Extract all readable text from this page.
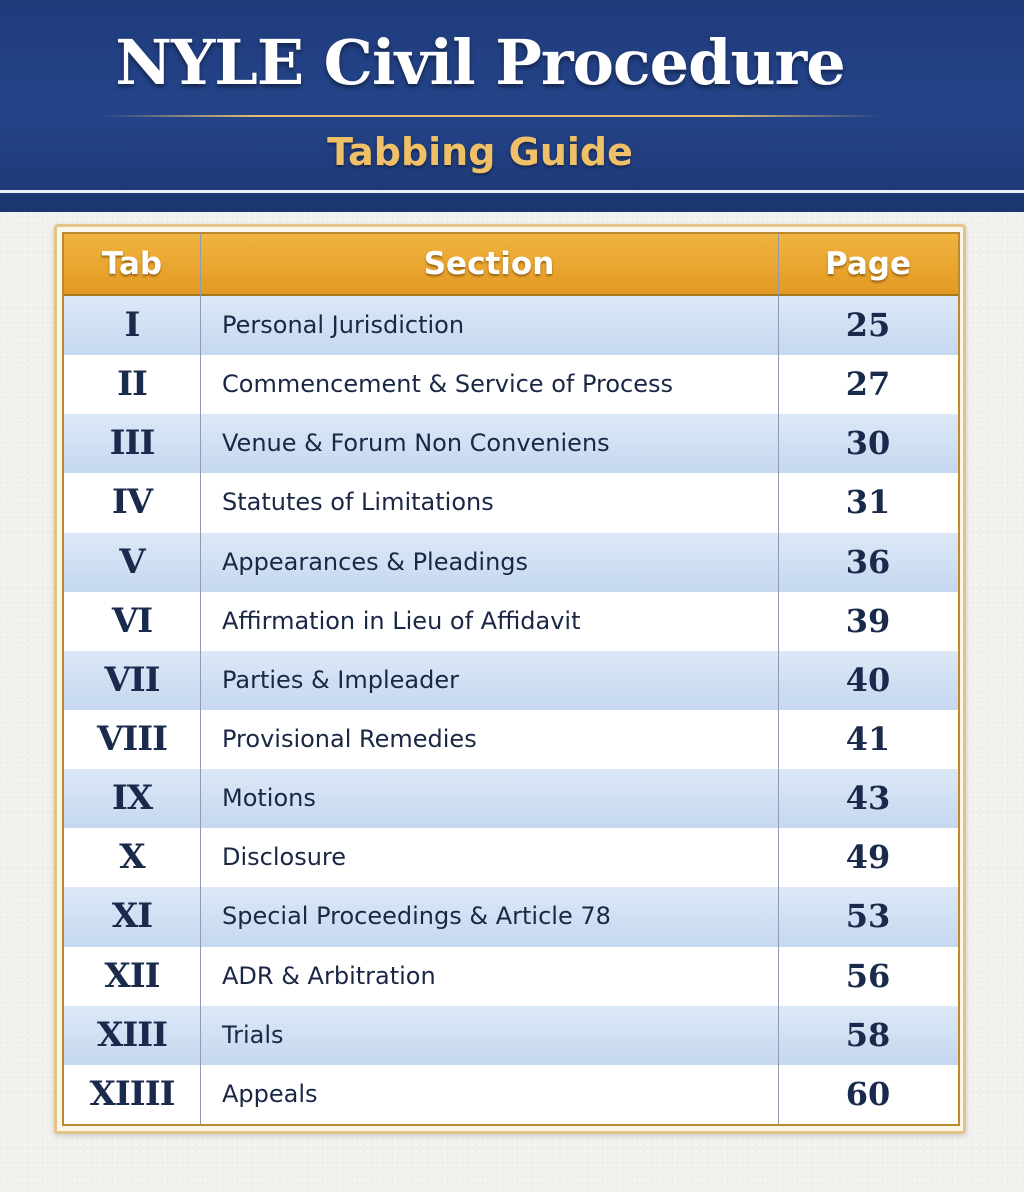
NYLE Civil Procedure
Tabbing Guide
Tab	Section	Page
I	Personal Jurisdiction	25
II	Commencement & Service of Process	27
III	Venue & Forum Non Conveniens	30
IV	Statutes of Limitations	31
V	Appearances & Pleadings	36
VI	Affirmation in Lieu of Affidavit	39
VII	Parties & Impleader	40
VIII	Provisional Remedies	41
IX	Motions	43
X	Disclosure	49
XI	Special Proceedings & Article 78	53
XII	ADR & Arbitration	56
XIII	Trials	58
XIIII	Appeals	60
